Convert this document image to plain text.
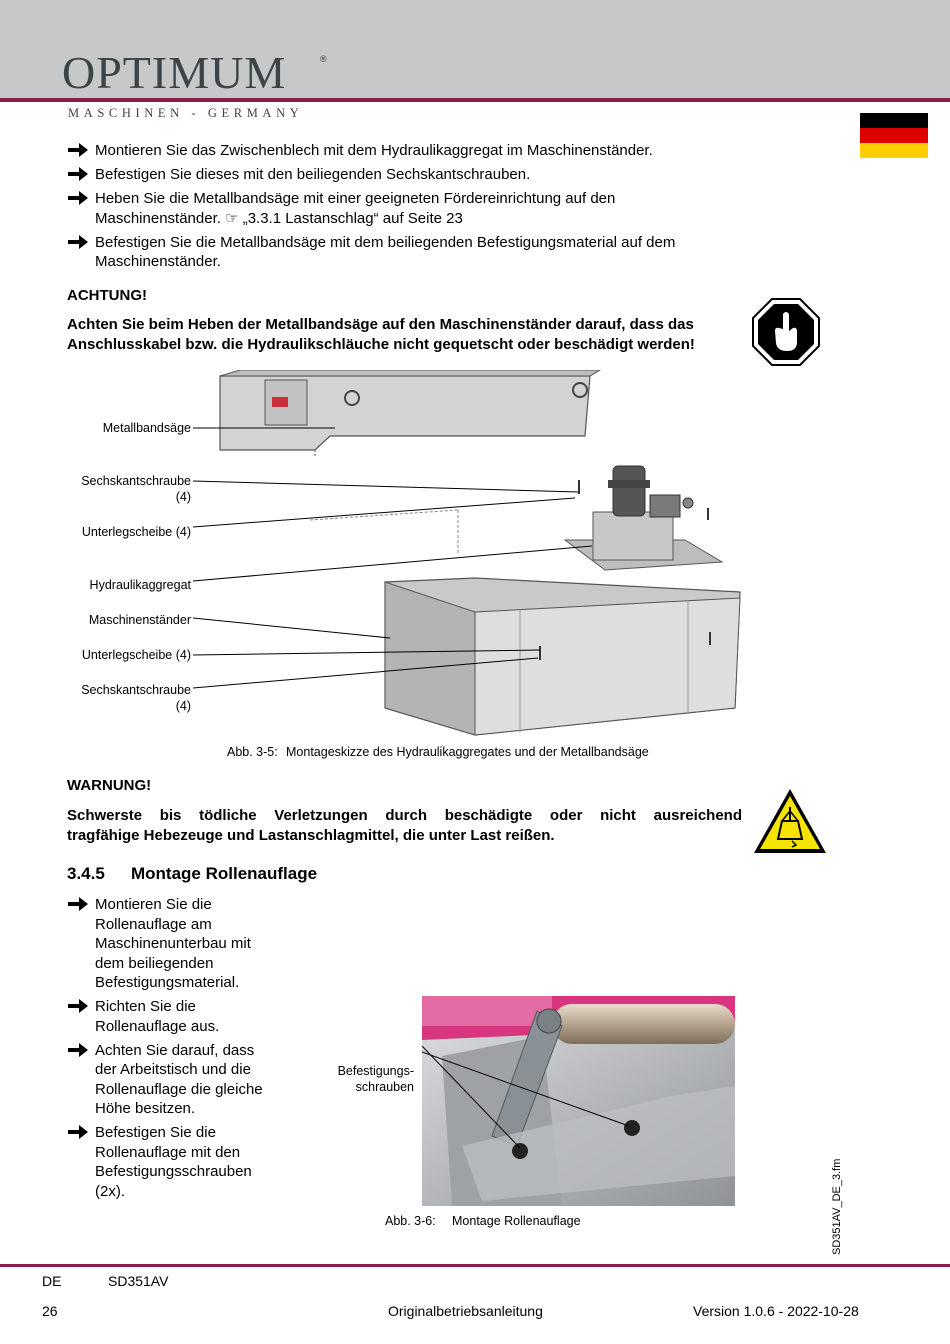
OPTIMUM	®
MASCHINEN - GERMANY
Montieren Sie das Zwischenblech mit dem Hydraulikaggregat im Maschinenständer.
Befestigen Sie dieses mit den beiliegenden Sechskantschrauben.
Heben Sie die Metallbandsäge mit einer geeigneten Fördereinrichtung auf den
Maschinenständer. ☞ „3.3.1 Lastanschlag“ auf Seite 23
Befestigen Sie die Metallbandsäge mit dem beiliegenden Befestigungsmaterial auf dem
Maschinenständer.
ACHTUNG!
Achten Sie beim Heben der Metallbandsäge auf den Maschinenständer darauf, dass das
Anschlusskabel bzw. die Hydraulikschläuche nicht gequetscht oder beschädigt werden!
Metallbandsäge
Sechskantschraube
(4)
Unterlegscheibe (4)
Hydraulikaggregat
Maschinenständer
Unterlegscheibe (4)
Sechskantschraube
(4)
Abb. 3-5: Montageskizze des Hydraulikaggregates und der Metallbandsäge
WARNUNG!
Schwerste bis tödliche Verletzungen durch beschädigte oder nicht ausreichend
tragfähige Hebezeuge und Lastanschlagmittel, die unter Last reißen.
3.4.5 Montage Rollenauflage
Montieren Sie die
Rollenauflage am
Maschinenunterbau mit
dem beiliegenden
Befestigungsmaterial.
Richten Sie die
Rollenauflage aus.
Achten Sie darauf, dass
der Arbeitstisch und die
Rollenauflage die gleiche
Höhe besitzen.
Befestigen Sie die
Rollenauflage mit den
Befestigungsschrauben
(2x).
Befestigungs-
schrauben
Abb. 3-6: Montage Rollenauflage	SD351AV_DE_3.fm
DE	SD351AV
26	Originalbetriebsanleitung	Version 1.0.6 - 2022-10-28
